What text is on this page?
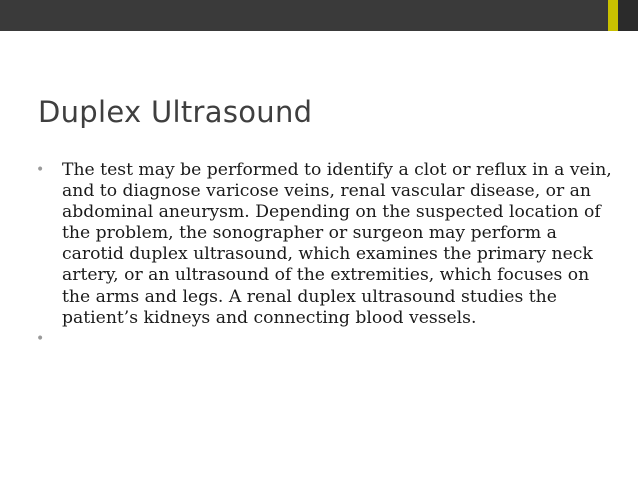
Duplex Ultrasound
• The test may be performed to identify a clot or reflux in a vein, and to diagnose varicose veins, renal vascular disease, or an abdominal aneurysm. Depending on the suspected location of the problem, the sonographer or surgeon may perform a carotid duplex ultrasound, which examines the primary neck artery, or an ultrasound of the extremities, which focuses on the arms and legs. A renal duplex ultrasound studies the patient’s kidneys and connecting blood vessels.
•
